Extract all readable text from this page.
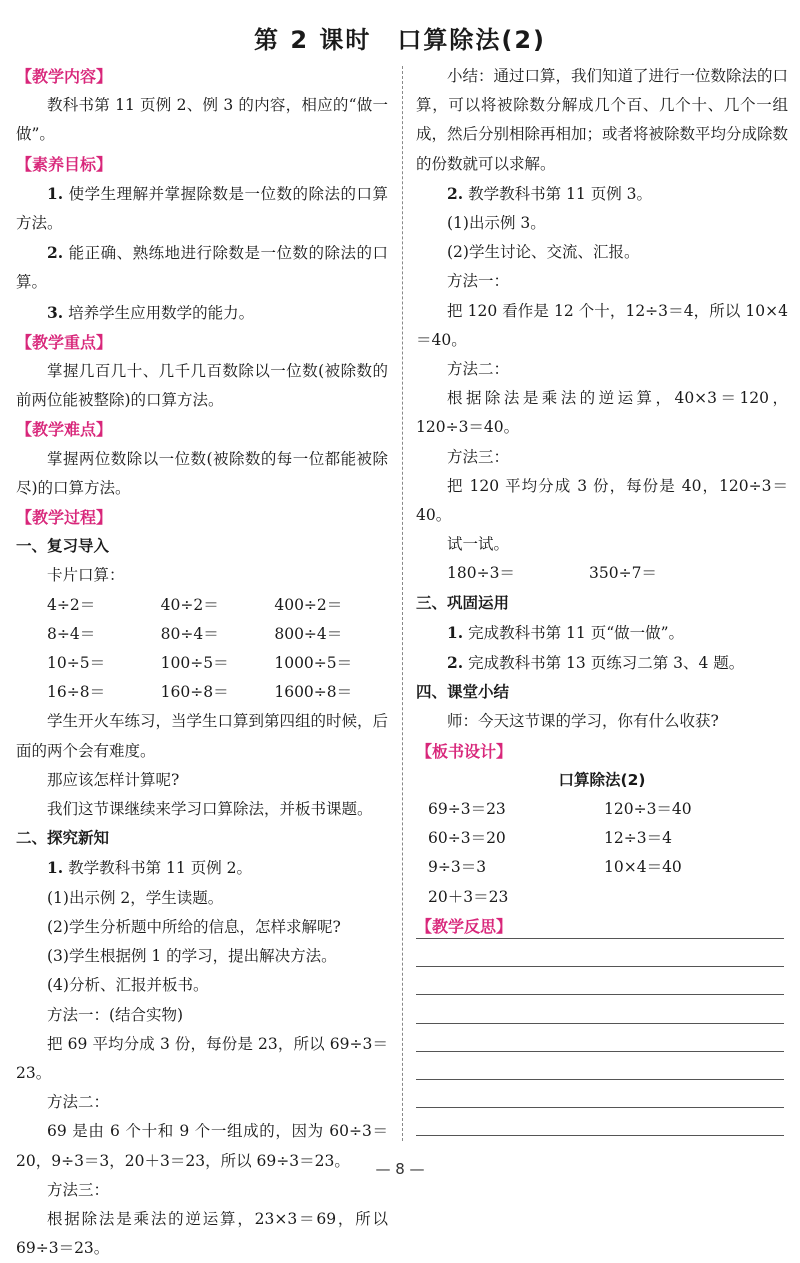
第 2 课时　口算除法(2)
【教学内容】
教科书第 11 页例 2、例 3 的内容，相应的“做一做”。
【素养目标】
1. 使学生理解并掌握除数是一位数的除法的口算方法。
2. 能正确、熟练地进行除数是一位数的除法的口算。
3. 培养学生应用数学的能力。
【教学重点】
掌握几百几十、几千几百数除以一位数(被除数的前两位能被整除)的口算方法。
【教学难点】
掌握两位数除以一位数(被除数的每一位都能被除尽)的口算方法。
【教学过程】
一、复习导入
卡片口算：
4÷2＝	40÷2＝	400÷2＝
8÷4＝	80÷4＝	800÷4＝
10÷5＝	100÷5＝	1000÷5＝
16÷8＝	160÷8＝	1600÷8＝
学生开火车练习，当学生口算到第四组的时候，后面的两个会有难度。
那应该怎样计算呢?
我们这节课继续来学习口算除法，并板书课题。
二、探究新知
1. 教学教科书第 11 页例 2。
(1)出示例 2，学生读题。
(2)学生分析题中所给的信息，怎样求解呢?
(3)学生根据例 1 的学习，提出解决方法。
(4)分析、汇报并板书。
方法一：(结合实物)
把 69 平均分成 3 份，每份是 23，所以 69÷3＝23。
方法二：
69 是由 6 个十和 9 个一组成的，因为 60÷3＝20，9÷3＝3，20＋3＝23，所以 69÷3＝23。
方法三：
根据除法是乘法的逆运算，23×3＝69，所以 69÷3＝23。
小结：通过口算，我们知道了进行一位数除法的口算，可以将被除数分解成几个百、几个十、几个一组成，然后分别相除再相加；或者将被除数平均分成除数的份数就可以求解。
2. 教学教科书第 11 页例 3。
(1)出示例 3。
(2)学生讨论、交流、汇报。
方法一：
把 120 看作是 12 个十，12÷3＝4，所以 10×4＝40。
方法二：
根据除法是乘法的逆运算，40×3＝120，120÷3＝40。
方法三：
把 120 平均分成 3 份，每份是 40，120÷3＝40。
试一试。
180÷3＝	350÷7＝
三、巩固运用
1. 完成教科书第 11 页“做一做”。
2. 完成教科书第 13 页练习二第 3、4 题。
四、课堂小结
师：今天这节课的学习，你有什么收获?
【板书设计】
口算除法(2)
69÷3＝23	120÷3＝40
60÷3＝20	12÷3＝4
9÷3＝3	10×4＝40
20＋3＝23
【教学反思】
— 8 —
